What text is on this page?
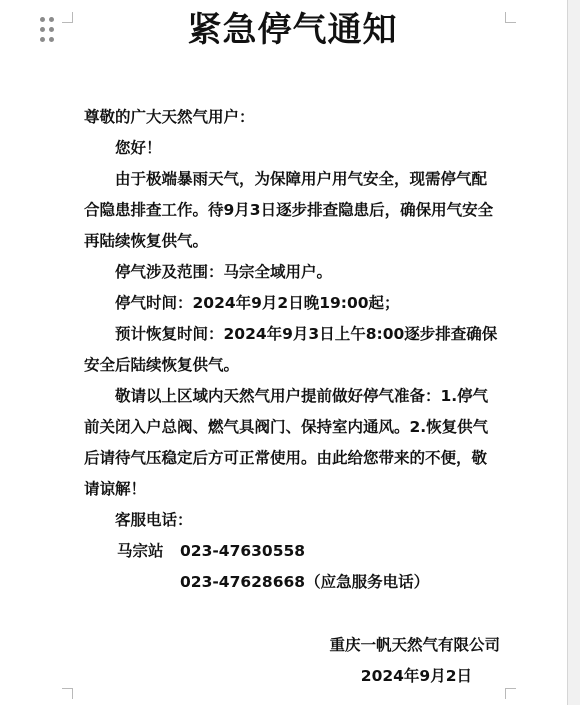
紧急停气通知

尊敬的广大天然气用户：

您好！

由于极端暴雨天气，为保障用户用气安全，现需停气配合隐患排查工作。待9月3日逐步排查隐患后，确保用气安全再陆续恢复供气。

停气涉及范围：马宗全域用户。

停气时间：2024年9月2日晚19:00起；

预计恢复时间：2024年9月3日上午8:00逐步排查确保安全后陆续恢复供气。

敬请以上区域内天然气用户提前做好停气准备：1.停气前关闭入户总阀、燃气具阀门、保持室内通风。2.恢复供气后请待气压稳定后方可正常使用。由此给您带来的不便，敬请谅解！

客服电话：

马宗站	023-47630558
023-47628668（应急服务电话）
重庆一帆天然气有限公司
2024年9月2日
